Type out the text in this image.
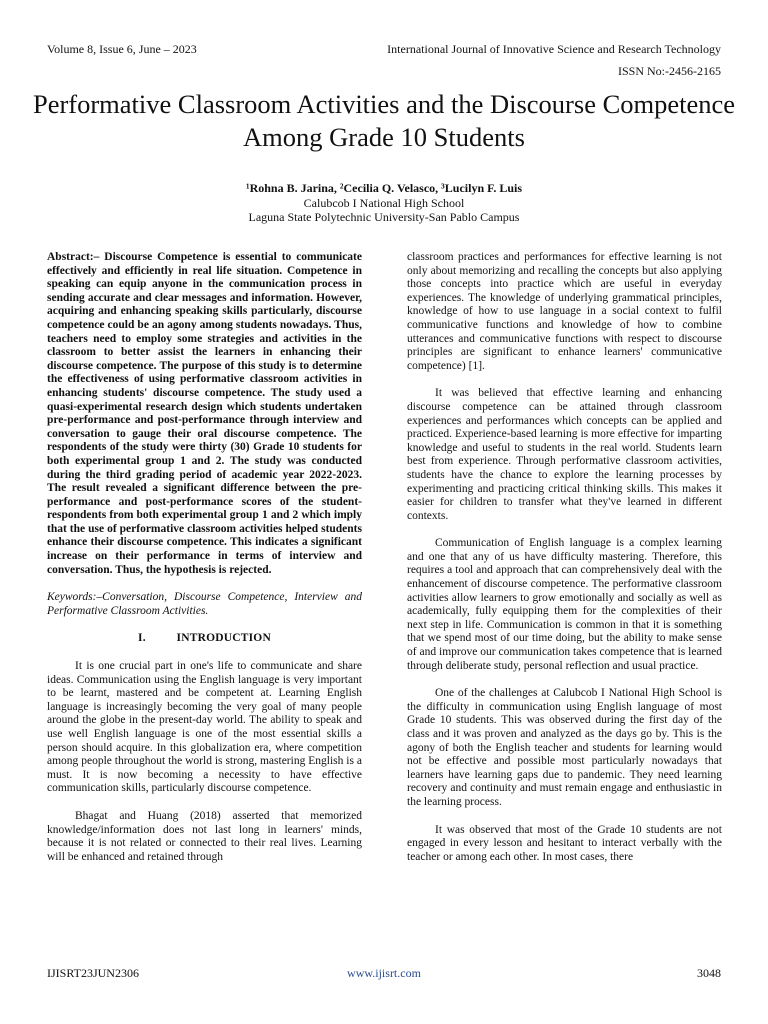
Volume 8, Issue 6, June – 2023	International Journal of Innovative Science and Research Technology
ISSN No:-2456-2165
Performative Classroom Activities and the Discourse Competence Among Grade 10 Students
¹Rohna B. Jarina, ²Cecilia Q. Velasco, ³Lucilyn F. Luis
Calubcob I National High School
Laguna State Polytechnic University-San Pablo Campus

Abstract:– Discourse Competence is essential to communicate effectively and efficiently in real life situation. Competence in speaking can equip anyone in the communication process in sending accurate and clear messages and information. However, acquiring and enhancing speaking skills particularly, discourse competence could be an agony among students nowadays. Thus, teachers need to employ some strategies and activities in the classroom to better assist the learners in enhancing their discourse competence. The purpose of this study is to determine the effectiveness of using performative classroom activities in enhancing students' discourse competence. The study used a quasi-experimental research design which students undertaken pre-performance and post-performance through interview and conversation to gauge their oral discourse competence. The respondents of the study were thirty (30) Grade 10 students for both experimental group 1 and 2. The study was conducted during the third grading period of academic year 2022-2023. The result revealed a significant difference between the pre-performance and post-performance scores of the student- respondents from both experimental group 1 and 2 which imply that the use of performative classroom activities helped students enhance their discourse competence. This indicates a significant increase on their performance in terms of interview and conversation. Thus, the hypothesis is rejected.

Keywords:–Conversation, Discourse Competence, Interview and Performative Classroom Activities.

I.          INTRODUCTION

It is one crucial part in one's life to communicate and share ideas. Communication using the English language is very important to be learnt, mastered and be competent at. Learning English language is increasingly becoming the very goal of many people around the globe in the present-day world. The ability to speak and use well English language is one of the most essential skills a person should acquire. In this globalization era, where competition among people throughout the world is strong, mastering English is a must. It is now becoming a necessity to have effective communication skills, particularly discourse competence.

Bhagat and Huang (2018) asserted that memorized knowledge/information does not last long in learners' minds, because it is not related or connected to their real lives. Learning will be enhanced and retained through

classroom practices and performances for effective learning is not only about memorizing and recalling the concepts but also applying those concepts into practice which are useful in everyday experiences. The knowledge of underlying grammatical principles, knowledge of how to use language in a social context to fulfil communicative functions and knowledge of how to combine utterances and communicative functions with respect to discourse principles are significant to enhance learners' communicative competence) [1].

It was believed that effective learning and enhancing discourse competence can be attained through classroom experiences and performances which concepts can be applied and practiced. Experience-based learning is more effective for imparting knowledge and useful to students in the real world. Students learn best from experience. Through performative classroom activities, students have the chance to explore the learning processes by experimenting and practicing critical thinking skills. This makes it easier for children to transfer what they've learned in different contexts.

Communication of English language is a complex learning and one that any of us have difficulty mastering. Therefore, this requires a tool and approach that can comprehensively deal with the enhancement of discourse competence. The performative classroom activities allow learners to grow emotionally and socially as well as academically, fully equipping them for the complexities of their next step in life. Communication is common in that it is something that we spend most of our time doing, but the ability to make sense of and improve our communication takes competence that is learned through deliberate study, personal reflection and usual practice.

One of the challenges at Calubcob I National High School is the difficulty in communication using English language of most Grade 10 students. This was observed during the first day of the class and it was proven and analyzed as the days go by. This is the agony of both the English teacher and students for learning would not be effective and possible most particularly nowadays that learners have learning gaps due to pandemic. They need learning recovery and continuity and must remain engage and enthusiastic in the learning process.

It was observed that most of the Grade 10 students are not engaged in every lesson and hesitant to interact verbally with the teacher or among each other. In most cases, there

IJISRT23JUN2306	www.ijisrt.com	3048
